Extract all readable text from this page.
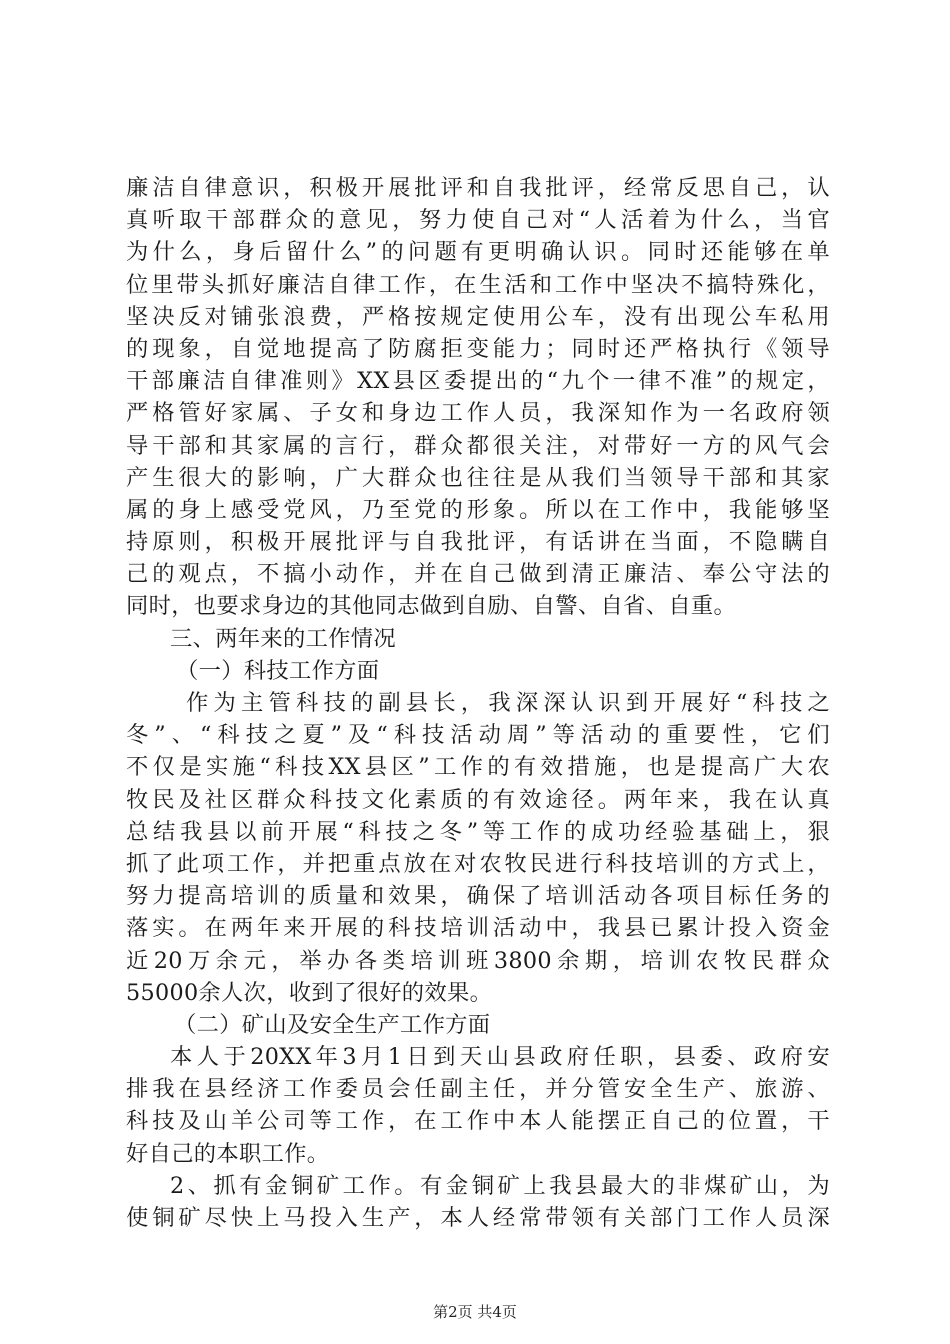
廉洁自律意识，积极开展批评和自我批评，经常反思自己，认
真听取干部群众的意见，努力使自己对“人活着为什么，当官
为什么，身后留什么”的问题有更明确认识。同时还能够在单
位里带头抓好廉洁自律工作，在生活和工作中坚决不搞特殊化，
坚决反对铺张浪费，严格按规定使用公车，没有出现公车私用
的现象，自觉地提高了防腐拒变能力；同时还严格执行《领导
干部廉洁自律准则》XX县区委提出的“九个一律不准”的规定，
严格管好家属、子女和身边工作人员，我深知作为一名政府领
导干部和其家属的言行，群众都很关注，对带好一方的风气会
产生很大的影响，广大群众也往往是从我们当领导干部和其家
属的身上感受党风，乃至党的形象。所以在工作中，我能够坚
持原则，积极开展批评与自我批评，有话讲在当面，不隐瞒自
己的观点，不搞小动作，并在自己做到清正廉洁、奉公守法的
同时，也要求身边的其他同志做到自励、自警、自省、自重。
三、两年来的工作情况
（一）科技工作方面
作为主管科技的副县长，我深深认识到开展好“科技之
冬”、“科技之夏”及“科技活动周”等活动的重要性，它们
不仅是实施“科技XX县区”工作的有效措施，也是提高广大农
牧民及社区群众科技文化素质的有效途径。两年来，我在认真
总结我县以前开展“科技之冬”等工作的成功经验基础上，狠
抓了此项工作，并把重点放在对农牧民进行科技培训的方式上，
努力提高培训的质量和效果，确保了培训活动各项目标任务的
落实。在两年来开展的科技培训活动中，我县已累计投入资金
近20万余元，举办各类培训班3800余期，培训农牧民群众
55000余人次，收到了很好的效果。
（二）矿山及安全生产工作方面
本人于20XX年3月1日到天山县政府任职，县委、政府安
排我在县经济工作委员会任副主任，并分管安全生产、旅游、
科技及山羊公司等工作，在工作中本人能摆正自己的位置，干
好自己的本职工作。
2、抓有金铜矿工作。有金铜矿上我县最大的非煤矿山，为
使铜矿尽快上马投入生产，本人经常带领有关部门工作人员深
第2页 共4页
